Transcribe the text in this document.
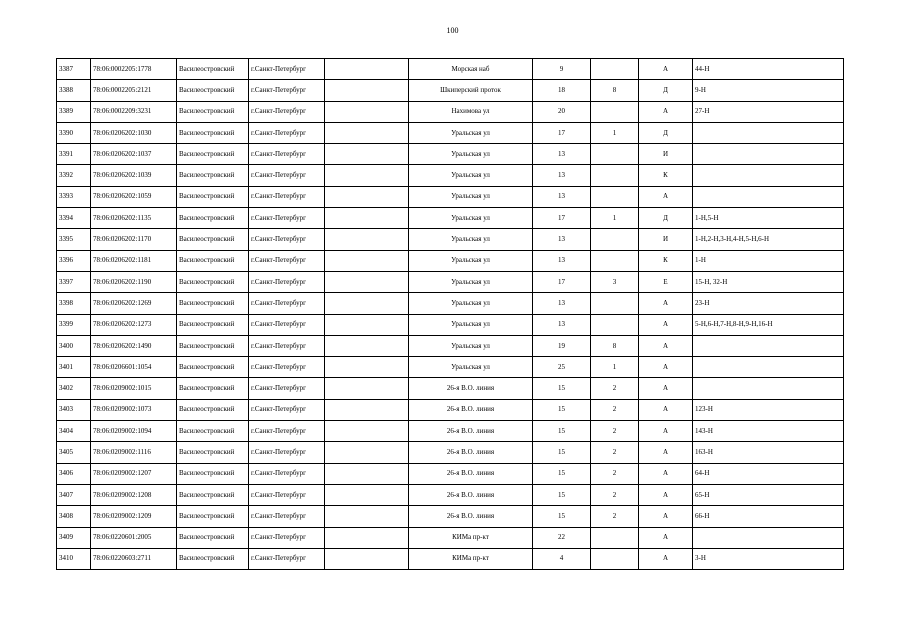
100
3387	78:06:0002205:1778	Василеостровский	г.Санкт-Петербург		Морская наб	9		А	44-Н
3388	78:06:0002205:2121	Василеостровский	г.Санкт-Петербург		Шкиперский проток	18	8	Д	9-Н
3389	78:06:0002209:3231	Василеостровский	г.Санкт-Петербург		Нахимова ул	20		А	27-Н
3390	78:06:0206202:1030	Василеостровский	г.Санкт-Петербург		Уральская ул	17	1	Д	
3391	78:06:0206202:1037	Василеостровский	г.Санкт-Петербург		Уральская ул	13		И	
3392	78:06:0206202:1039	Василеостровский	г.Санкт-Петербург		Уральская ул	13		К	
3393	78:06:0206202:1059	Василеостровский	г.Санкт-Петербург		Уральская ул	13		А	
3394	78:06:0206202:1135	Василеостровский	г.Санкт-Петербург		Уральская ул	17	1	Д	1-Н,5-Н
3395	78:06:0206202:1170	Василеостровский	г.Санкт-Петербург		Уральская ул	13		И	1-Н,2-Н,3-Н,4-Н,5-Н,6-Н
3396	78:06:0206202:1181	Василеостровский	г.Санкт-Петербург		Уральская ул	13		К	1-Н
3397	78:06:0206202:1190	Василеостровский	г.Санкт-Петербург		Уральская ул	17	3	Е	15-Н, 32-Н
3398	78:06:0206202:1269	Василеостровский	г.Санкт-Петербург		Уральская ул	13		А	23-Н
3399	78:06:0206202:1273	Василеостровский	г.Санкт-Петербург		Уральская ул	13		А	5-Н,6-Н,7-Н,8-Н,9-Н,16-Н
3400	78:06:0206202:1490	Василеостровский	г.Санкт-Петербург		Уральская ул	19	8	А	
3401	78:06:0206601:1054	Василеостровский	г.Санкт-Петербург		Уральская ул	25	1	А	
3402	78:06:0209002:1015	Василеостровский	г.Санкт-Петербург		26-я В.О. линия	15	2	А	
3403	78:06:0209002:1073	Василеостровский	г.Санкт-Петербург		26-я В.О. линия	15	2	А	123-Н
3404	78:06:0209002:1094	Василеостровский	г.Санкт-Петербург		26-я В.О. линия	15	2	А	143-Н
3405	78:06:0209002:1116	Василеостровский	г.Санкт-Петербург		26-я В.О. линия	15	2	А	163-Н
3406	78:06:0209002:1207	Василеостровский	г.Санкт-Петербург		26-я В.О. линия	15	2	А	64-Н
3407	78:06:0209002:1208	Василеостровский	г.Санкт-Петербург		26-я В.О. линия	15	2	А	65-Н
3408	78:06:0209002:1209	Василеостровский	г.Санкт-Петербург		26-я В.О. линия	15	2	А	66-Н
3409	78:06:0220601:2005	Василеостровский	г.Санкт-Петербург		КИМа пр-кт	22		А	
3410	78:06:0220603:2711	Василеостровский	г.Санкт-Петербург		КИМа пр-кт	4		А	3-Н
